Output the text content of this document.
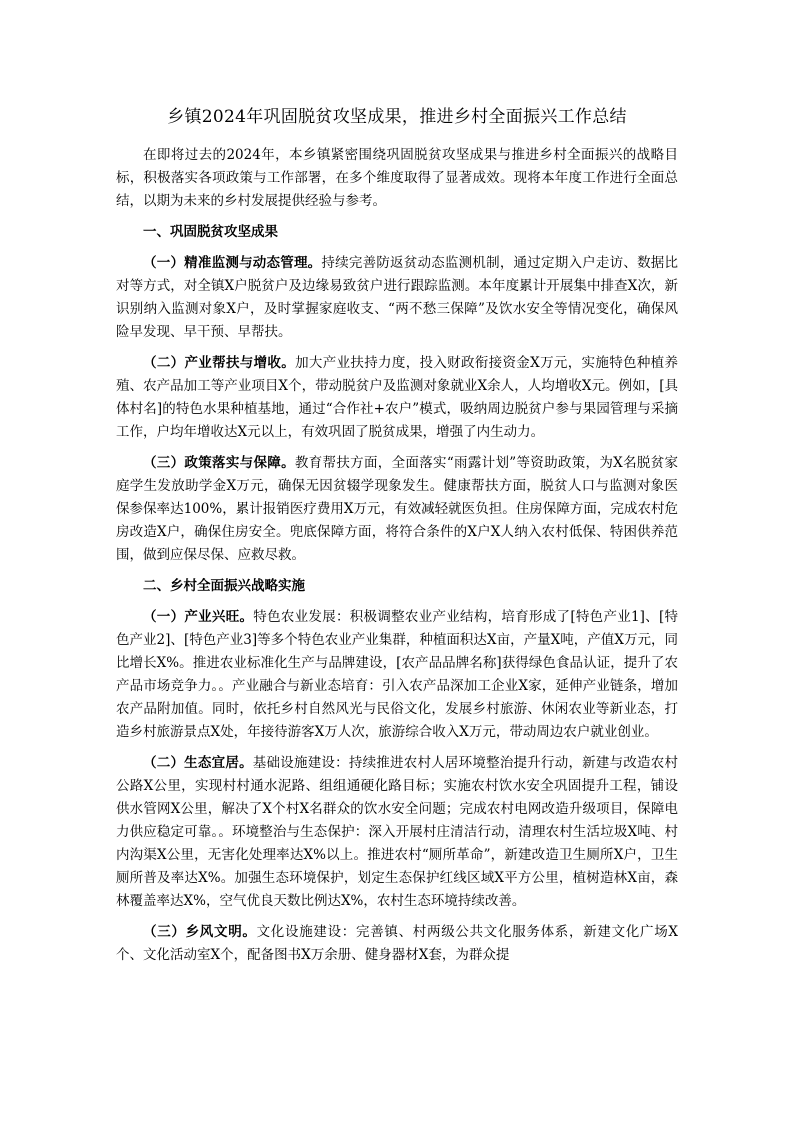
乡镇2024年巩固脱贫攻坚成果，推进乡村全面振兴工作总结

在即将过去的2024年，本乡镇紧密围绕巩固脱贫攻坚成果与推进乡村全面振兴的战略目标，积极落实各项政策与工作部署，在多个维度取得了显著成效。现将本年度工作进行全面总结，以期为未来的乡村发展提供经验与参考。

一、巩固脱贫攻坚成果

（一）精准监测与动态管理。持续完善防返贫动态监测机制，通过定期入户走访、数据比对等方式，对全镇X户脱贫户及边缘易致贫户进行跟踪监测。本年度累计开展集中排查X次，新识别纳入监测对象X户，及时掌握家庭收支、“两不愁三保障”及饮水安全等情况变化，确保风险早发现、早干预、早帮扶。

（二）产业帮扶与增收。加大产业扶持力度，投入财政衔接资金X万元，实施特色种植养殖、农产品加工等产业项目X个，带动脱贫户及监测对象就业X余人，人均增收X元。例如，[具体村名]的特色水果种植基地，通过“合作社+农户”模式，吸纳周边脱贫户参与果园管理与采摘工作，户均年增收达X元以上，有效巩固了脱贫成果，增强了内生动力。

（三）政策落实与保障。教育帮扶方面，全面落实“雨露计划”等资助政策，为X名脱贫家庭学生发放助学金X万元，确保无因贫辍学现象发生。健康帮扶方面，脱贫人口与监测对象医保参保率达100%，累计报销医疗费用X万元，有效减轻就医负担。住房保障方面，完成农村危房改造X户，确保住房安全。兜底保障方面，将符合条件的X户X人纳入农村低保、特困供养范围，做到应保尽保、应救尽救。

二、乡村全面振兴战略实施

（一）产业兴旺。特色农业发展：积极调整农业产业结构，培育形成了[特色产业1]、[特色产业2]、[特色产业3]等多个特色农业产业集群，种植面积达X亩，产量X吨，产值X万元，同比增长X%。推进农业标准化生产与品牌建设，[农产品品牌名称]获得绿色食品认证，提升了农产品市场竞争力。。产业融合与新业态培育：引入农产品深加工企业X家，延伸产业链条，增加农产品附加值。同时，依托乡村自然风光与民俗文化，发展乡村旅游、休闲农业等新业态，打造乡村旅游景点X处，年接待游客X万人次，旅游综合收入X万元，带动周边农户就业创业。

（二）生态宜居。基础设施建设：持续推进农村人居环境整治提升行动，新建与改造农村公路X公里，实现村村通水泥路、组组通硬化路目标；实施农村饮水安全巩固提升工程，铺设供水管网X公里，解决了X个村X名群众的饮水安全问题；完成农村电网改造升级项目，保障电力供应稳定可靠。。环境整治与生态保护：深入开展村庄清洁行动，清理农村生活垃圾X吨、村内沟渠X公里，无害化处理率达X%以上。推进农村“厕所革命”，新建改造卫生厕所X户，卫生厕所普及率达X%。加强生态环境保护，划定生态保护红线区域X平方公里，植树造林X亩，森林覆盖率达X%，空气优良天数比例达X%，农村生态环境持续改善。

（三）乡风文明。文化设施建设：完善镇、村两级公共文化服务体系，新建文化广场X个、文化活动室X个，配备图书X万余册、健身器材X套，为群众提
